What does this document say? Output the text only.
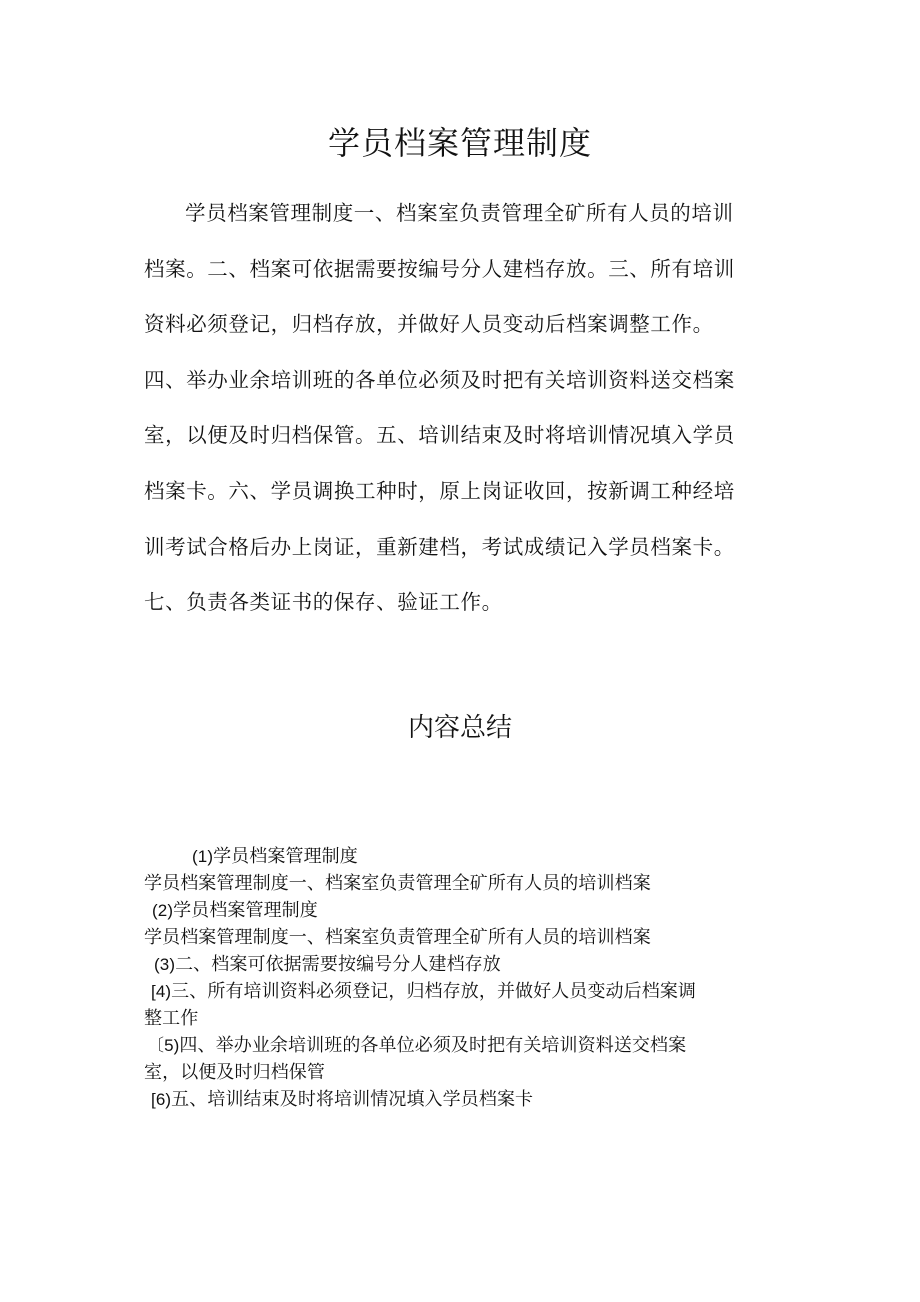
学员档案管理制度
学员档案管理制度一、档案室负责管理全矿所有人员的培训
档案。二、档案可依据需要按编号分人建档存放。三、所有培训
资料必须登记，归档存放，并做好人员变动后档案调整工作。
四、举办业余培训班的各单位必须及时把有关培训资料送交档案
室，以便及时归档保管。五、培训结束及时将培训情况填入学员
档案卡。六、学员调换工种时，原上岗证收回，按新调工种经培
训考试合格后办上岗证，重新建档，考试成绩记入学员档案卡。
七、负责各类证书的保存、验证工作。
内容总结
(1)学员档案管理制度
学员档案管理制度一、档案室负责管理全矿所有人员的培训档案
(2)学员档案管理制度
学员档案管理制度一、档案室负责管理全矿所有人员的培训档案
(3)二、档案可依据需要按编号分人建档存放
[4)三、所有培训资料必须登记，归档存放，并做好人员变动后档案调
整工作
〔5)四、举办业余培训班的各单位必须及时把有关培训资料送交档案
室，以便及时归档保管
[6)五、培训结束及时将培训情况填入学员档案卡
